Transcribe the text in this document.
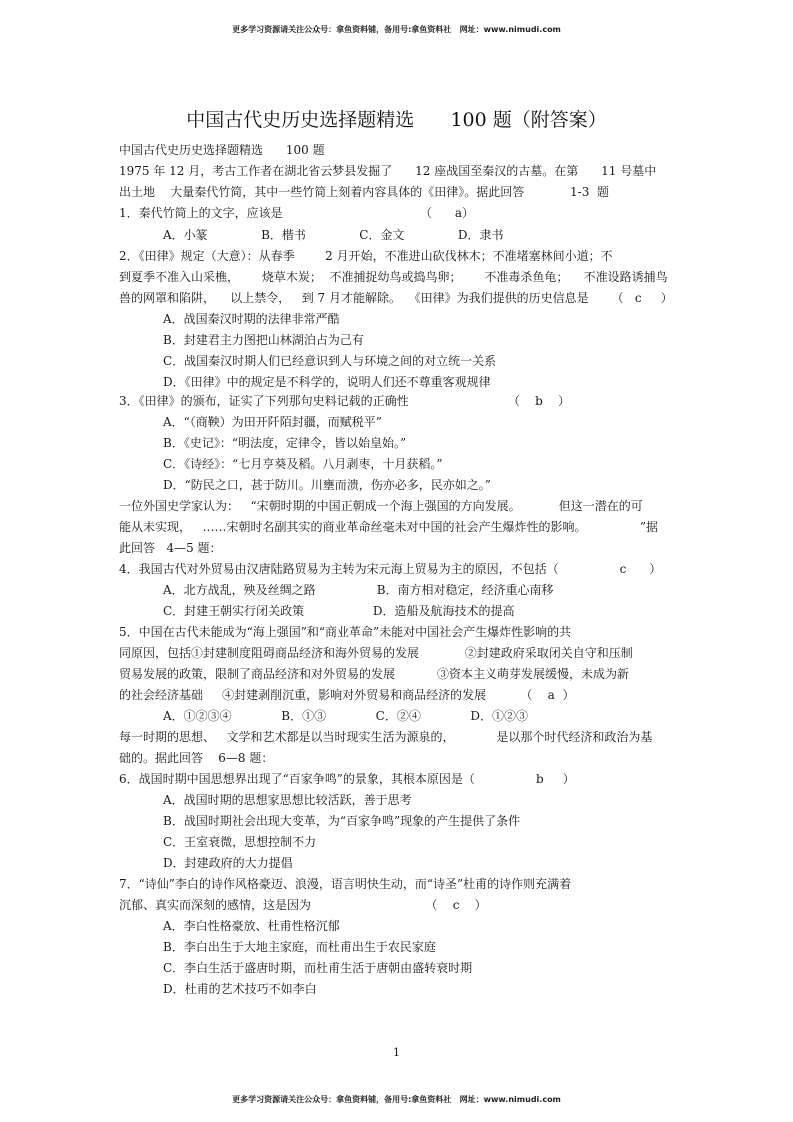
更多学习资源请关注公众号：拿鱼资料铺，备用号:拿鱼资料社   网址：www.nimudi.com
中国古代史历史选择题精选      100 题（附答案）
中国古代史历史选择题精选      100 题
1975 年 12 月，考古工作者在湖北省云梦县发掘了      12 座战国至秦汉的古墓。在第      11 号墓中
出土地    大量秦代竹简，其中一些竹简上刻着内容具体的《田律》。据此回答            1-3  题
1．秦代竹简上的文字，应该是                                    （      a）
A．小篆              B．楷书              C．金文              D．隶书
2．《田律》规定（大意）：从春季        2 月开始，不准进山砍伐林木；不准堵塞林间小道；不
到夏季不准入山采樵，      烧草木炭；  不准捕捉幼鸟或捣鸟卵；      不准毒杀鱼龟；    不准设路诱捕鸟
兽的网罩和陷阱，    以上禁令，   到 7 月才能解除。  《田律》为我们提供的历史信息是      （   c     ）
A．战国秦汉时期的法律非常严酷
B．封建君主力图把山林湖泊占为己有
C．战国秦汉时期人们已经意识到人与环境之间的对立统一关系
D．《田律》中的规定是不科学的，说明人们还不尊重客观规律
3．《田律》的颁布，证实了下列那句史料记载的正确性                          （    b    ）
A．“（商鞅）为田开阡陌封疆，而赋税平”
B．《史记》：“明法度，定律令，皆以始皇始。”
C．《诗经》：“七月亨葵及稻。八月剥枣，十月获稻。”
D．“防民之口，甚于防川。川壅而溃，伤亦必多，民亦如之。”
一位外国史学家认为：   “宋朝时期的中国正朝成一个海上强国的方向发展。          但这一潜在的可
能从未实现，   ……宋朝时名副其实的商业革命丝毫未对中国的社会产生爆炸性的影响。              ”据
此回答   4—5 题：
4．我国古代对外贸易由汉唐陆路贸易为主转为宋元海上贸易为主的原因，不包括（                c      ）
A．北方战乱，殃及丝绸之路                B．南方相对稳定，经济重心南移
C．封建王朝实行闭关政策                  D．造船及航海技术的提高
5．中国在古代未能成为“海上强国”和“商业革命”未能对中国社会产生爆炸性影响的共
同原因，包括①封建制度阻碍商品经济和海外贸易的发展            ②封建政府采取闭关自守和压制
贸易发展的政策，限制了商品经济和对外贸易的发展           ③资本主义萌芽发展缓慢，未成为新
的社会经济基础     ④封建剥削沉重，影响对外贸易和商品经济的发展         （    a  ）
A．①②③④             B．①③             C．②④             D．①②③
每一时期的思想、   文学和艺术都是以当时现实生活为源泉的，           是以那个时代经济和政治为基
础的。据此回答    6—8 题：
6．战国时期中国思想界出现了“百家争鸣”的景象，其根本原因是（                b     ）
A．战国时期的思想家思想比较活跃，善于思考
B．战国时期社会出现大变革，为“百家争鸣”现象的产生提供了条件
C．王室衰微，思想控制不力
D．封建政府的大力提倡
7．“诗仙”李白的诗作风格豪迈、浪漫，语言明快生动，而“诗圣”杜甫的诗作则充满着
沉郁、真实而深刻的感情，这是因为                              （    c    ）
A．李白性格豪放、杜甫性格沉郁
B．李白出生于大地主家庭，而杜甫出生于农民家庭
C．李白生活于盛唐时期，而杜甫生活于唐朝由盛转衰时期
D．杜甫的艺术技巧不如李白
1
更多学习资源请关注公众号：拿鱼资料铺，备用号:拿鱼资料社   网址：www.nimudi.com
